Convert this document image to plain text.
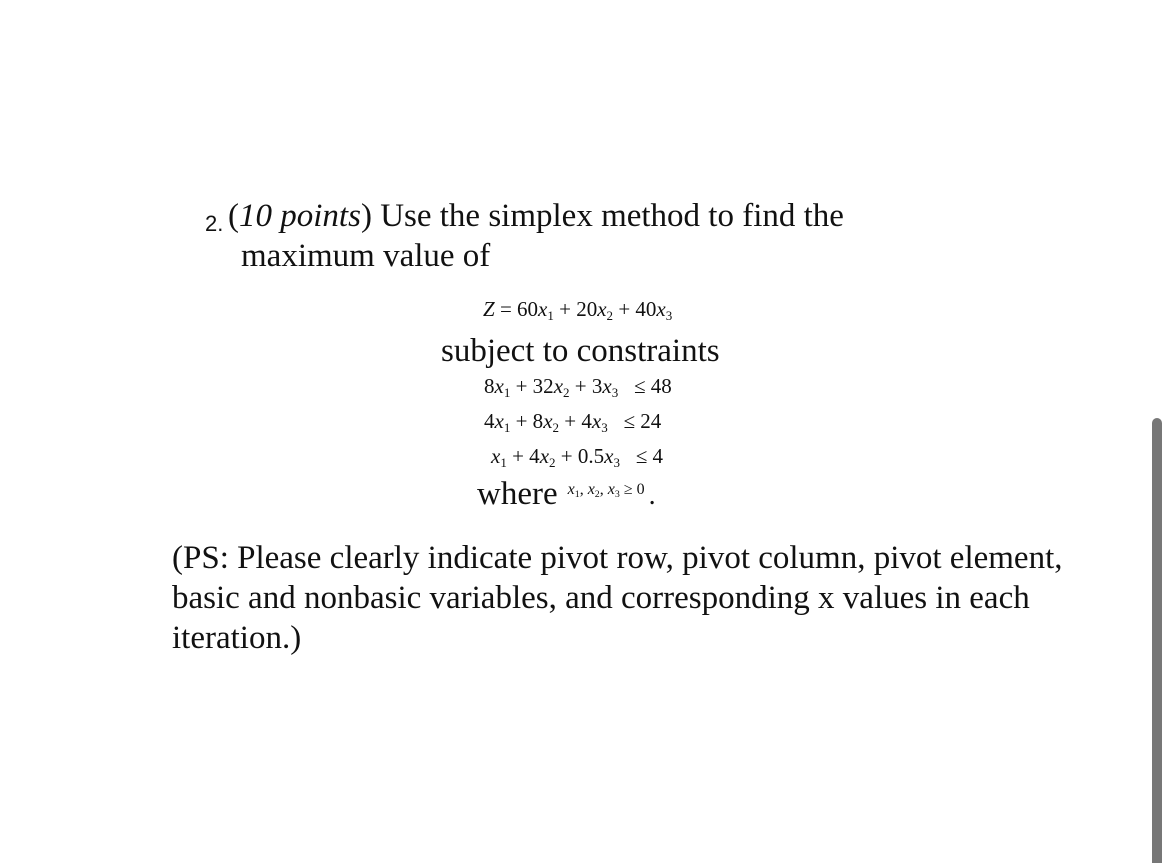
2. (10 points) Use the simplex method to find the
maximum value of
$Z = 60x_1 + 20x_2 + 40x_3$
subject to constraints
$8x_1 + 32x_2 + 3x_3 \le 48$
$4x_1 + 8x_2 + 4x_3 \le 24$
$x_1 + 4x_2 + 0.5x_3 \le 4$
where $x_1$, $x_2$, $x_3 \ge 0$ .
(PS: Please clearly indicate pivot row, pivot column, pivot element, basic and nonbasic variables, and corresponding x values in each iteration.)
